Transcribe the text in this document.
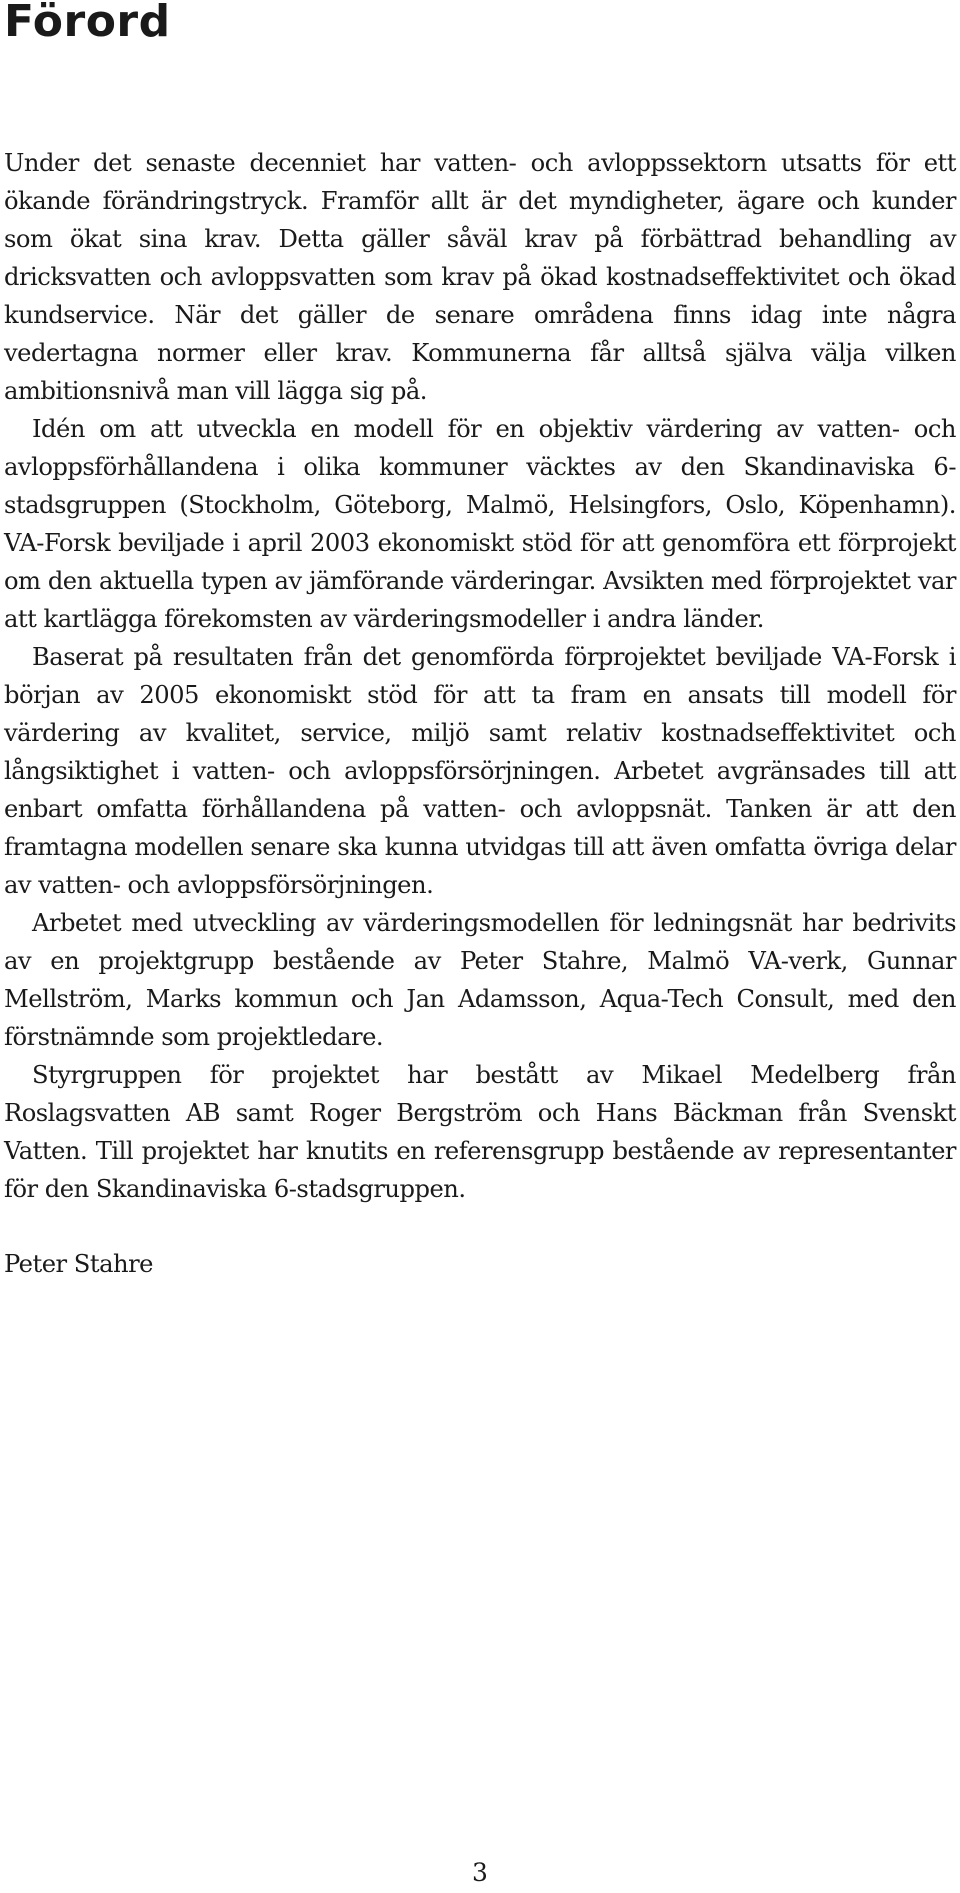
Förord

Under det senaste decenniet har vatten- och avloppssektorn utsatts för ett ökande förändringstryck. Framför allt är det myndigheter, ägare och kunder som ökat sina krav. Detta gäller såväl krav på förbättrad behandling av dricksvatten och avloppsvatten som krav på ökad kostnadseffektivitet och ökad kundservice. När det gäller de senare områdena finns idag inte några vedertagna normer eller krav. Kommunerna får alltså själva välja vilken ambitionsnivå man vill lägga sig på.

Idén om att utveckla en modell för en objektiv värdering av vatten- och avloppsförhållandena i olika kommuner väcktes av den Skandinaviska 6-stadsgruppen (Stockholm, Göteborg, Malmö, Helsingfors, Oslo, Köpenhamn). VA-Forsk beviljade i april 2003 ekonomiskt stöd för att genomföra ett förprojekt om den aktuella typen av jämförande värderingar. Avsikten med förprojektet var att kartlägga förekomsten av värderingsmodeller i andra länder.

Baserat på resultaten från det genomförda förprojektet beviljade VA-Forsk i början av 2005 ekonomiskt stöd för att ta fram en ansats till modell för värdering av kvalitet, service, miljö samt relativ kostnadseffektivitet och långsiktighet i vatten- och avloppsförsörjningen. Arbetet avgränsades till att enbart omfatta förhållandena på vatten- och avloppsnät. Tanken är att den framtagna modellen senare ska kunna utvidgas till att även omfatta övriga delar av vatten- och avloppsförsörjningen.

Arbetet med utveckling av värderingsmodellen för ledningsnät har bedrivits av en projektgrupp bestående av Peter Stahre, Malmö VA-verk, Gunnar Mellström, Marks kommun och Jan Adamsson, Aqua-Tech Consult, med den förstnämnde som projektledare.

Styrgruppen för projektet har bestått av Mikael Medelberg från Roslagsvatten AB samt Roger Bergström och Hans Bäckman från Svenskt Vatten. Till projektet har knutits en referensgrupp bestående av representanter för den Skandinaviska 6-stadsgruppen.

Peter Stahre

3
